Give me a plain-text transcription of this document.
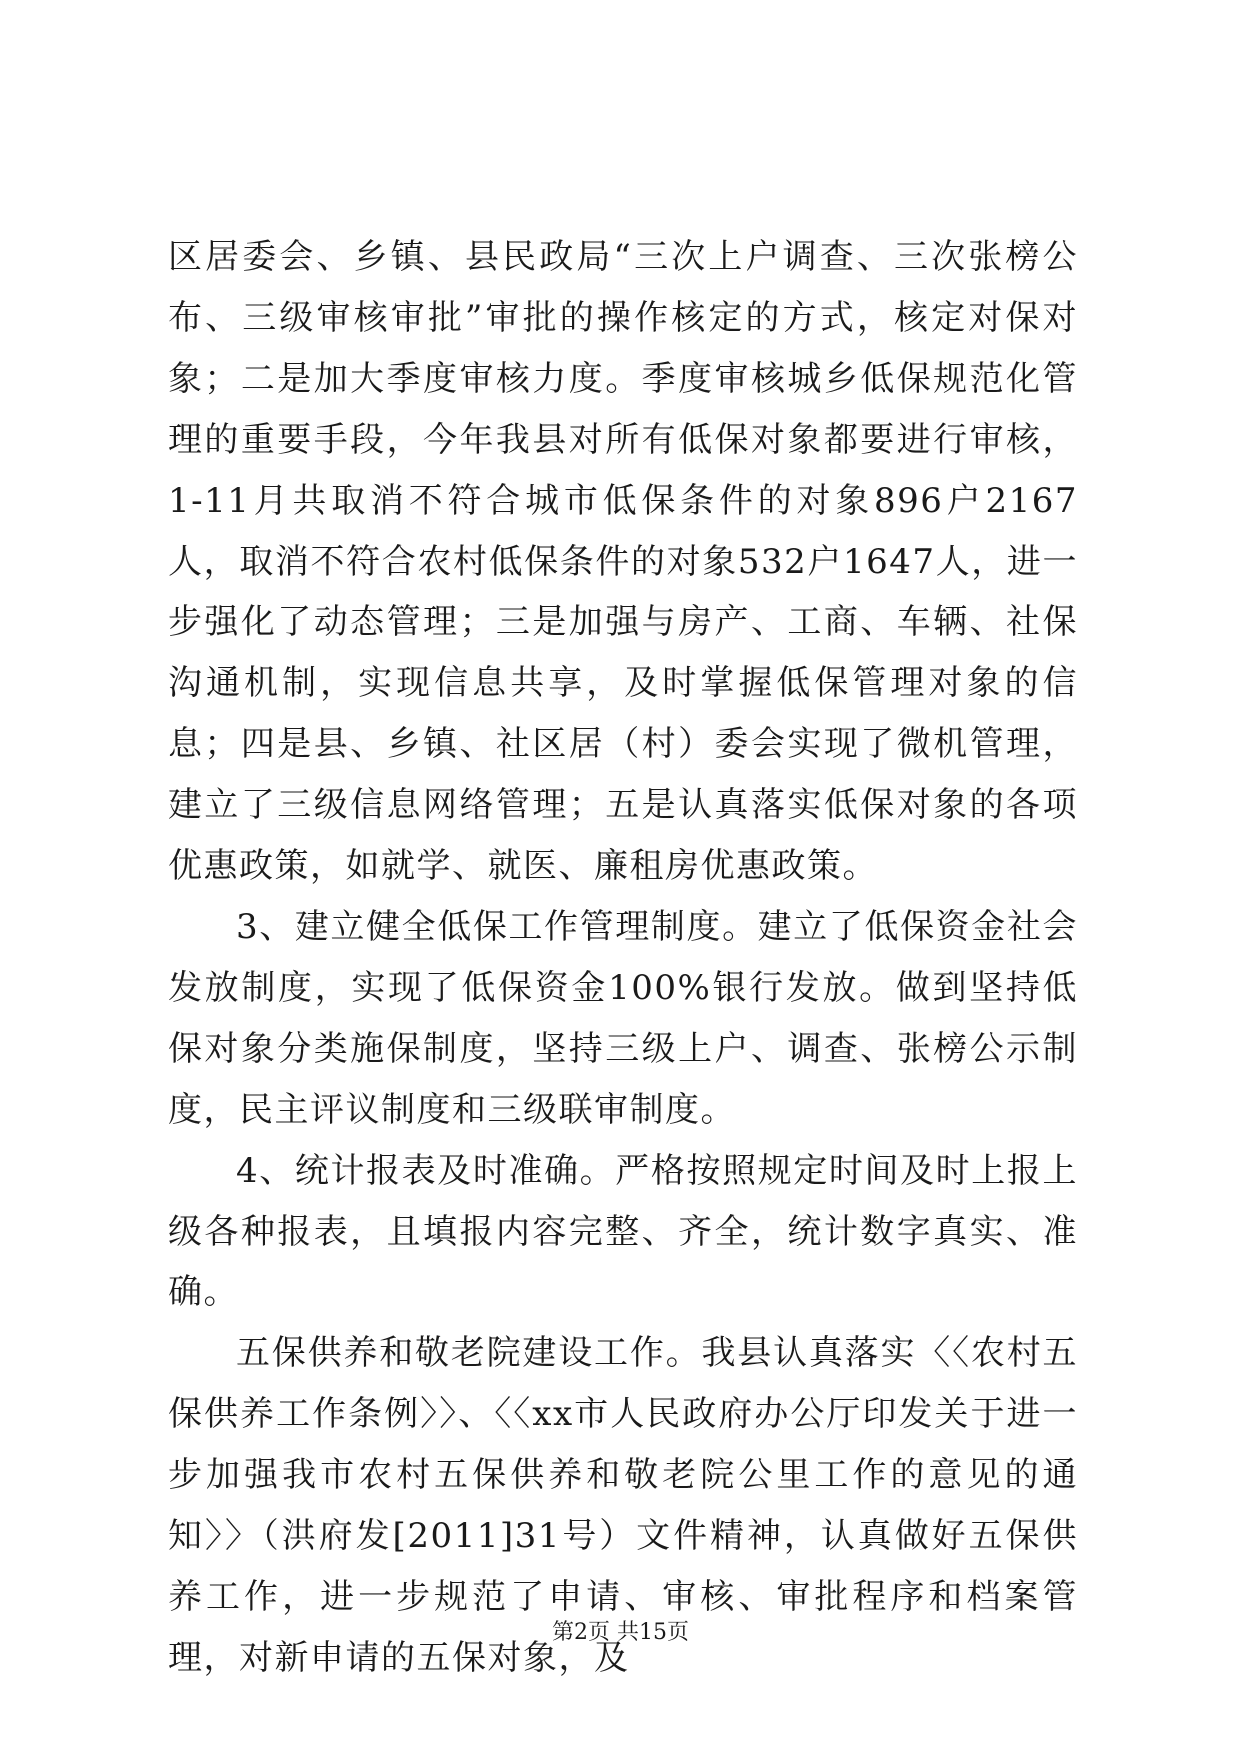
区居委会、乡镇、县民政局“三次上户调查、三次张榜公布、三级审核审批”审批的操作核定的方式，核定对保对象；二是加大季度审核力度。季度审核城乡低保规范化管理的重要手段，今年我县对所有低保对象都要进行审核，1-11月共取消不符合城市低保条件的对象896户2167人，取消不符合农村低保条件的对象532户1647人，进一步强化了动态管理；三是加强与房产、工商、车辆、社保沟通机制，实现信息共享，及时掌握低保管理对象的信息；四是县、乡镇、社区居（村）委会实现了微机管理，建立了三级信息网络管理；五是认真落实低保对象的各项优惠政策，如就学、就医、廉租房优惠政策。

3、建立健全低保工作管理制度。建立了低保资金社会发放制度，实现了低保资金100%银行发放。做到坚持低保对象分类施保制度，坚持三级上户、调查、张榜公示制度，民主评议制度和三级联审制度。

4、统计报表及时准确。严格按照规定时间及时上报上级各种报表，且填报内容完整、齐全，统计数字真实、准确。

五保供养和敬老院建设工作。我县认真落实〈〈农村五保供养工作条例〉〉、〈〈xx市人民政府办公厅印发关于进一步加强我市农村五保供养和敬老院公里工作的意见的通知〉〉（洪府发[2011]31号）文件精神，认真做好五保供养工作，进一步规范了申请、审核、审批程序和档案管理，对新申请的五保对象，及

第2页 共15页
